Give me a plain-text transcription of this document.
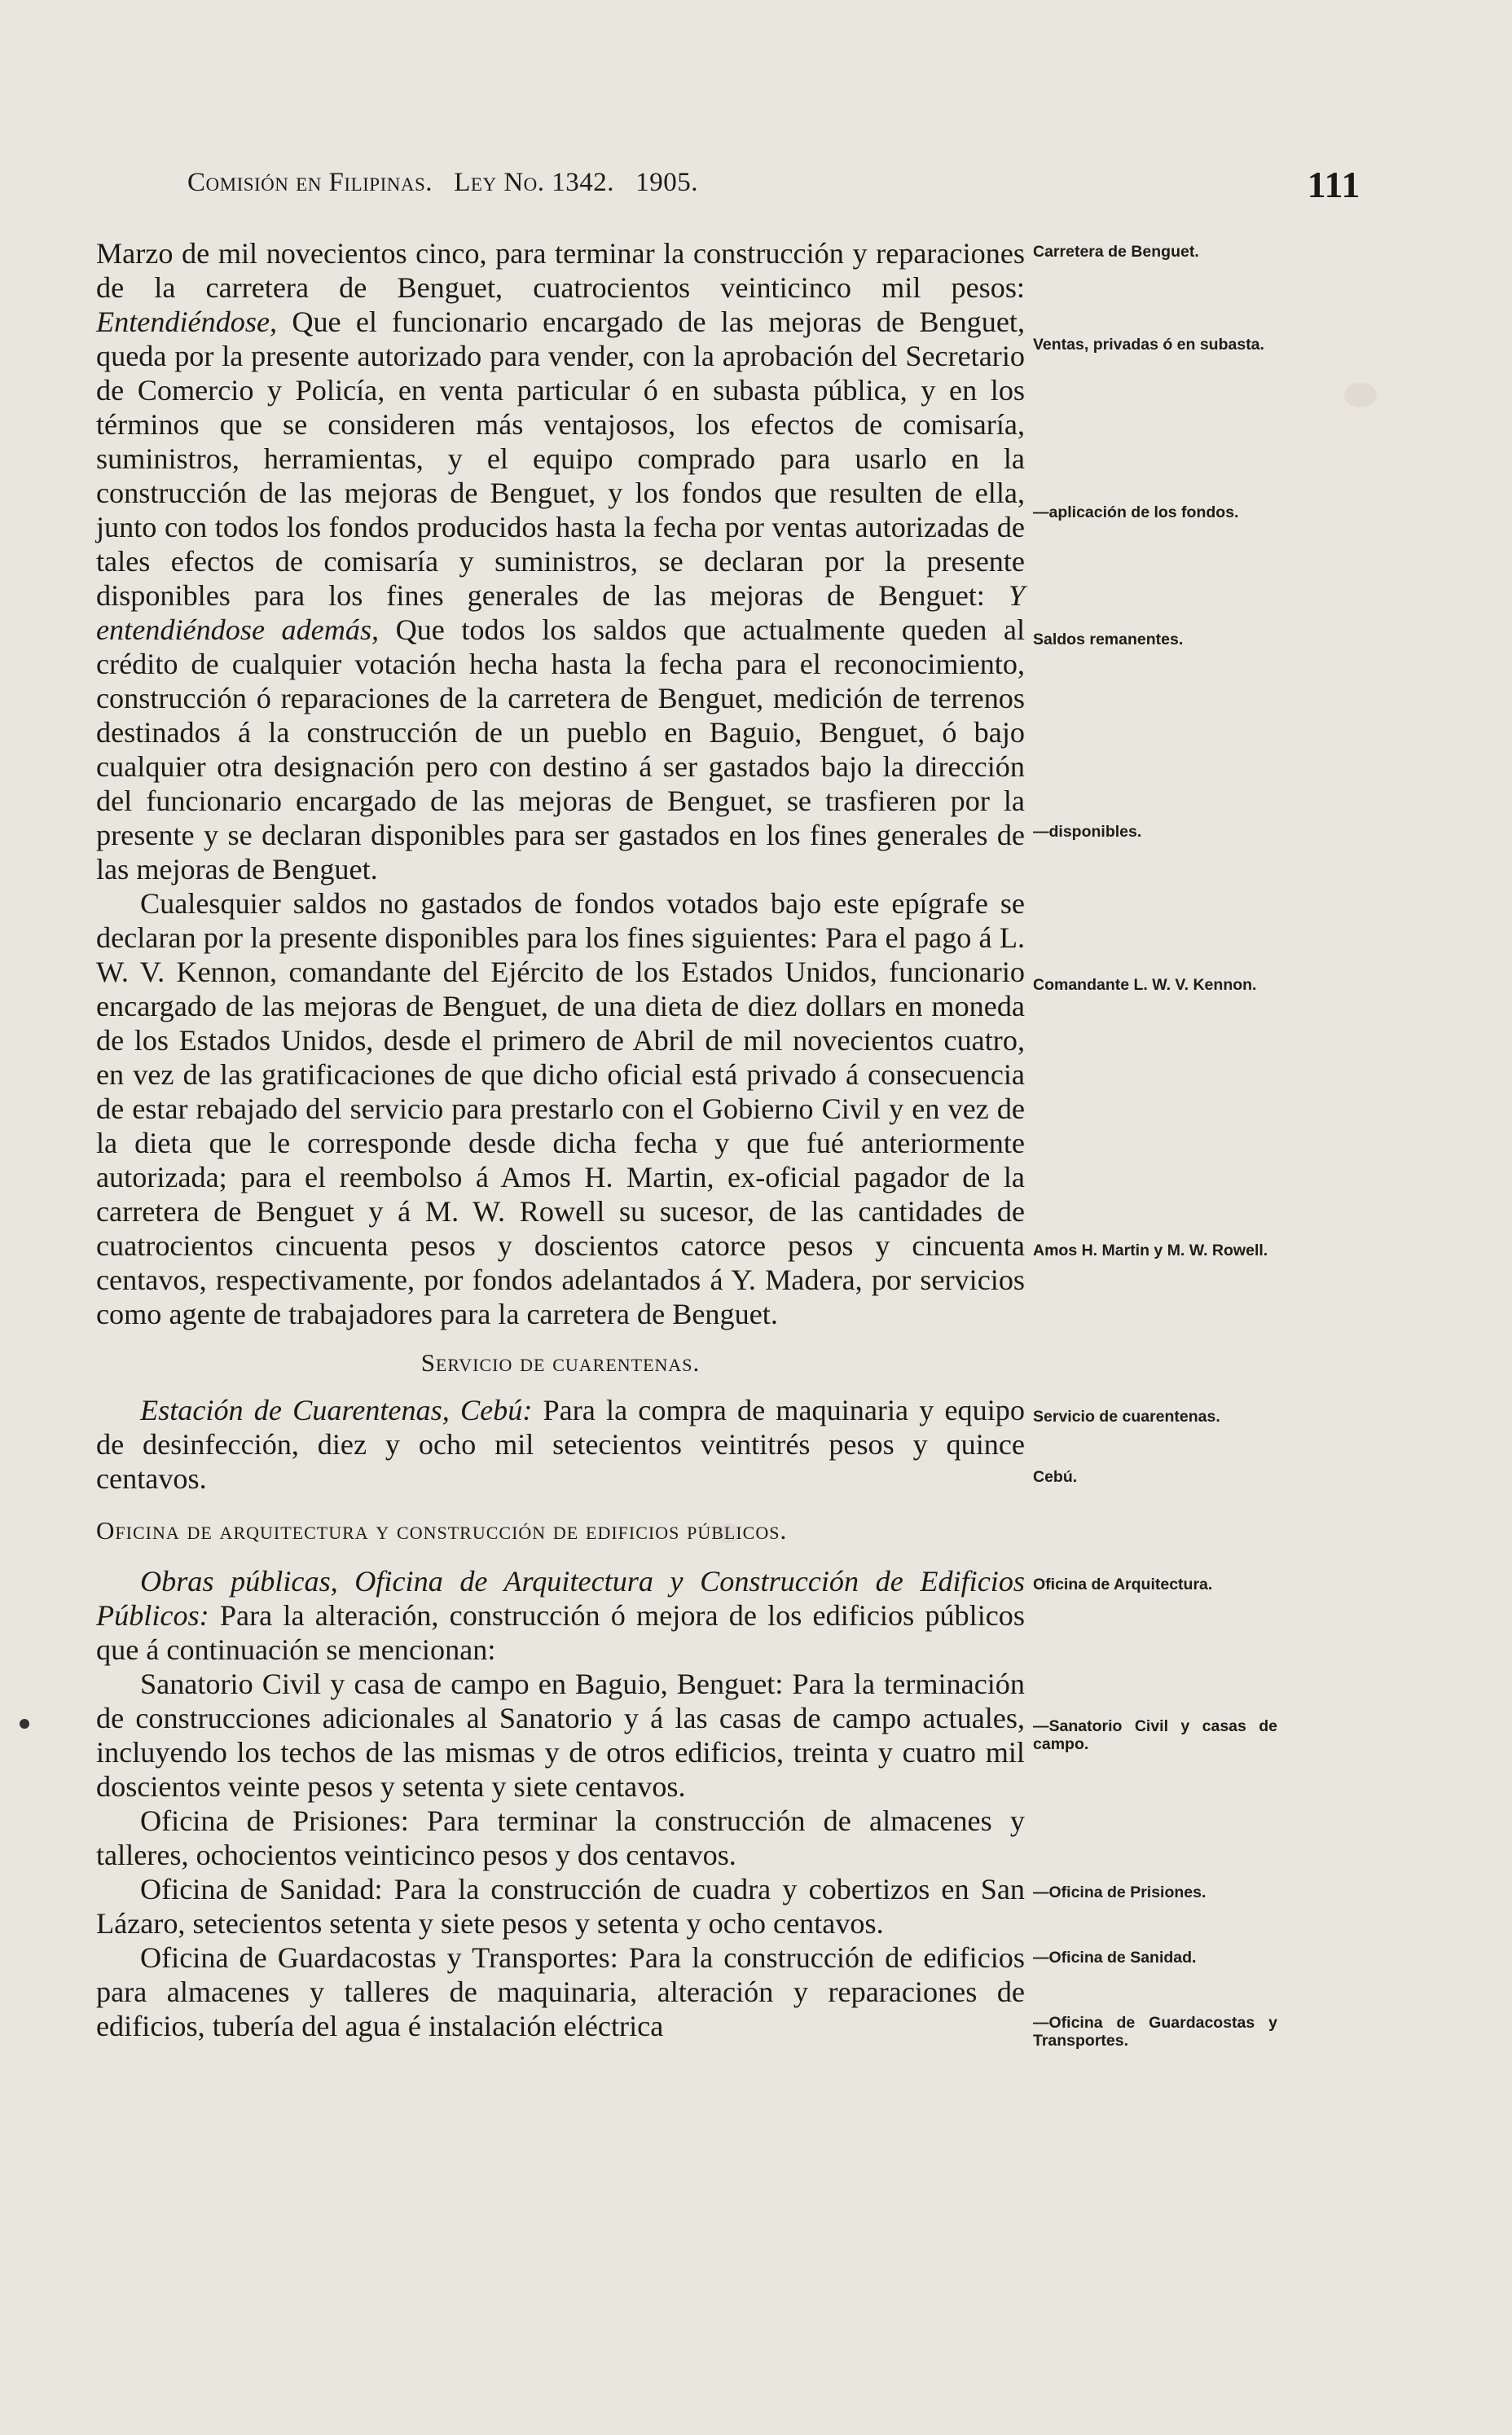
Comisión en Filipinas. Ley No. 1342. 1905.	111

Marzo de mil novecientos cinco, para terminar la construcción y reparaciones de la carretera de Benguet, cuatrocientos veinticinco mil pesos: Entendiéndose, Que el funcionario encargado de las mejoras de Benguet, queda por la presente autorizado para vender, con la aprobación del Secretario de Comercio y Policía, en venta particular ó en subasta pública, y en los términos que se consideren más ventajosos, los efectos de comisaría, suministros, herramientas, y el equipo comprado para usarlo en la construcción de las mejoras de Benguet, y los fondos que resulten de ella, junto con todos los fondos producidos hasta la fecha por ventas autorizadas de tales efectos de comisaría y suministros, se declaran por la presente disponibles para los fines generales de las mejoras de Benguet: Y entendiéndose además, Que todos los saldos que actualmente queden al crédito de cualquier votación hecha hasta la fecha para el reconocimiento, construcción ó reparaciones de la carretera de Benguet, medición de terrenos destinados á la construcción de un pueblo en Baguio, Benguet, ó bajo cualquier otra designación pero con destino á ser gastados bajo la dirección del funcionario encargado de las mejoras de Benguet, se trasfieren por la presente y se declaran disponibles para ser gastados en los fines generales de las mejoras de Benguet.

Cualesquier saldos no gastados de fondos votados bajo este epígrafe se declaran por la presente disponibles para los fines siguientes: Para el pago á L. W. V. Kennon, comandante del Ejército de los Estados Unidos, funcionario encargado de las mejoras de Benguet, de una dieta de diez dollars en moneda de los Estados Unidos, desde el primero de Abril de mil novecientos cuatro, en vez de las gratificaciones de que dicho oficial está privado á consecuencia de estar rebajado del servicio para prestarlo con el Gobierno Civil y en vez de la dieta que le corresponde desde dicha fecha y que fué anteriormente autorizada; para el reembolso á Amos H. Martin, ex-oficial pagador de la carretera de Benguet y á M. W. Rowell su sucesor, de las cantidades de cuatrocientos cincuenta pesos y doscientos catorce pesos y cincuenta centavos, respectivamente, por fondos adelantados á Y. Madera, por servicios como agente de trabajadores para la carretera de Benguet.

Servicio de cuarentenas.

Estación de Cuarentenas, Cebú: Para la compra de maquinaria y equipo de desinfección, diez y ocho mil setecientos veintitrés pesos y quince centavos.

Oficina de arquitectura y construcción de edificios públicos.

Obras públicas, Oficina de Arquitectura y Construcción de Edificios Públicos: Para la alteración, construcción ó mejora de los edificios públicos que á continuación se mencionan:

Sanatorio Civil y casa de campo en Baguio, Benguet: Para la terminación de construcciones adicionales al Sanatorio y á las casas de campo actuales, incluyendo los techos de las mismas y de otros edificios, treinta y cuatro mil doscientos veinte pesos y setenta y siete centavos.

Oficina de Prisiones: Para terminar la construcción de almacenes y talleres, ochocientos veinticinco pesos y dos centavos.

Oficina de Sanidad: Para la construcción de cuadra y cobertizos en San Lázaro, setecientos setenta y siete pesos y setenta y ocho centavos.

Oficina de Guardacostas y Transportes: Para la construcción de edificios para almacenes y talleres de maquinaria, alteración y reparaciones de edificios, tubería del agua é instalación eléctrica

Carretera de Benguet.
Ventas, privadas ó en subasta.
—aplicación de los fondos.
Saldos remanentes.
—disponibles.
Comandante L. W. V. Kennon.
Amos H. Martin y M. W. Rowell.
Servicio de cuarentenas.
Cebú.
Oficina de Arquitectura.
—Sanatorio Civil y casas de campo.
—Oficina de Prisiones.
—Oficina de Sanidad.
—Oficina de Guardacostas y Transportes.
